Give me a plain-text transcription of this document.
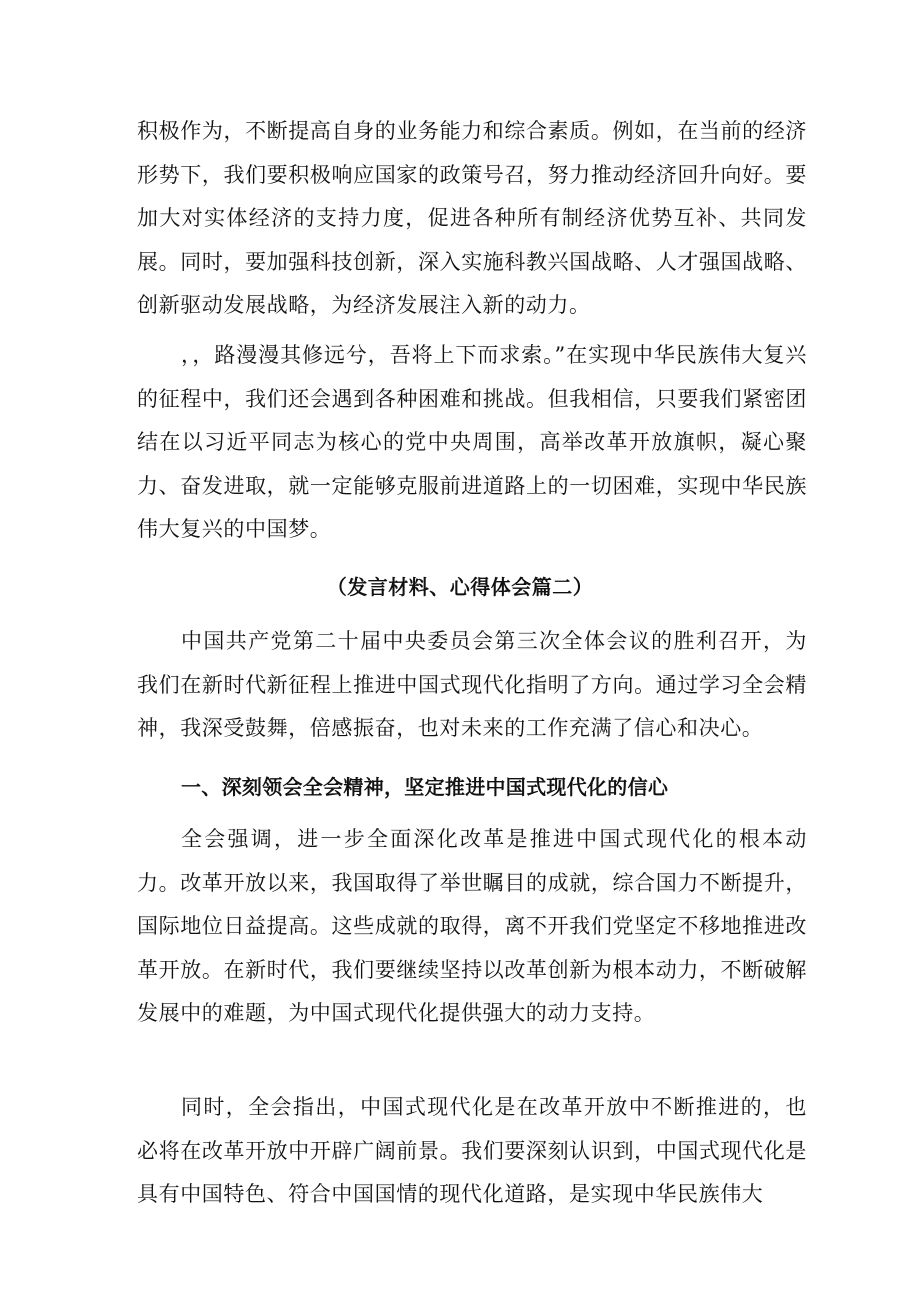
积极作为，不断提高自身的业务能力和综合素质。例如，在当前的经济形势下，我们要积极响应国家的政策号召，努力推动经济回升向好。要加大对实体经济的支持力度，促进各种所有制经济优势互补、共同发展。同时，要加强科技创新，深入实施科教兴国战略、人才强国战略、创新驱动发展战略，为经济发展注入新的动力。

，，路漫漫其修远兮，吾将上下而求索。”在实现中华民族伟大复兴的征程中，我们还会遇到各种困难和挑战。但我相信，只要我们紧密团结在以习近平同志为核心的党中央周围，高举改革开放旗帜，凝心聚力、奋发进取，就一定能够克服前进道路上的一切困难，实现中华民族伟大复兴的中国梦。

（发言材料、心得体会篇二）

中国共产党第二十届中央委员会第三次全体会议的胜利召开，为我们在新时代新征程上推进中国式现代化指明了方向。通过学习全会精神，我深受鼓舞，倍感振奋，也对未来的工作充满了信心和决心。

一、深刻领会全会精神，坚定推进中国式现代化的信心

全会强调，进一步全面深化改革是推进中国式现代化的根本动力。改革开放以来，我国取得了举世瞩目的成就，综合国力不断提升，国际地位日益提高。这些成就的取得，离不开我们党坚定不移地推进改革开放。在新时代，我们要继续坚持以改革创新为根本动力，不断破解发展中的难题，为中国式现代化提供强大的动力支持。

同时，全会指出，中国式现代化是在改革开放中不断推进的，也必将在改革开放中开辟广阔前景。我们要深刻认识到，中国式现代化是具有中国特色、符合中国国情的现代化道路，是实现中华民族伟大
